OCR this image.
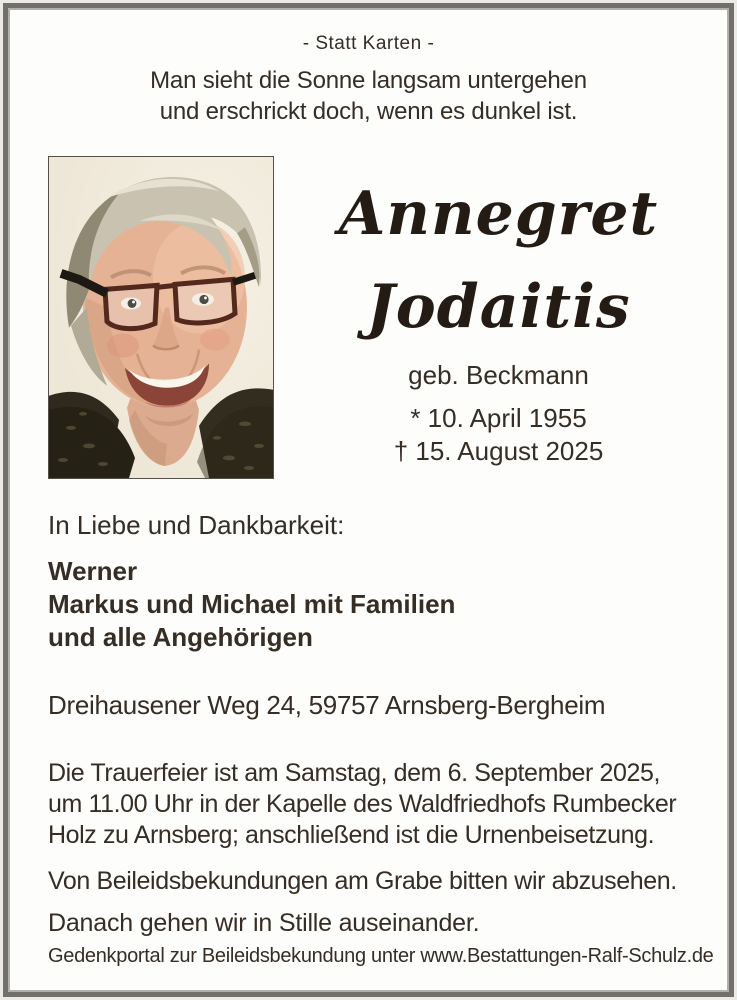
- Statt Karten -
Man sieht die Sonne langsam untergehen
und erschrickt doch, wenn es dunkel ist.
Annegret
Jodaitis
geb. Beckmann
* 10. April 1955
† 15. August 2025
In Liebe und Dankbarkeit:
Werner
Markus und Michael mit Familien
und alle Angehörigen
Dreihausener Weg 24, 59757 Arnsberg-Bergheim
Die Trauerfeier ist am Samstag, dem 6. September 2025,
um 11.00 Uhr in der Kapelle des Waldfriedhofs Rumbecker
Holz zu Arnsberg; anschließend ist die Urnenbeisetzung.
Von Beileidsbekundungen am Grabe bitten wir abzusehen.
Danach gehen wir in Stille auseinander.
Gedenkportal zur Beileidsbekundung unter www.Bestattungen-Ralf-Schulz.de
